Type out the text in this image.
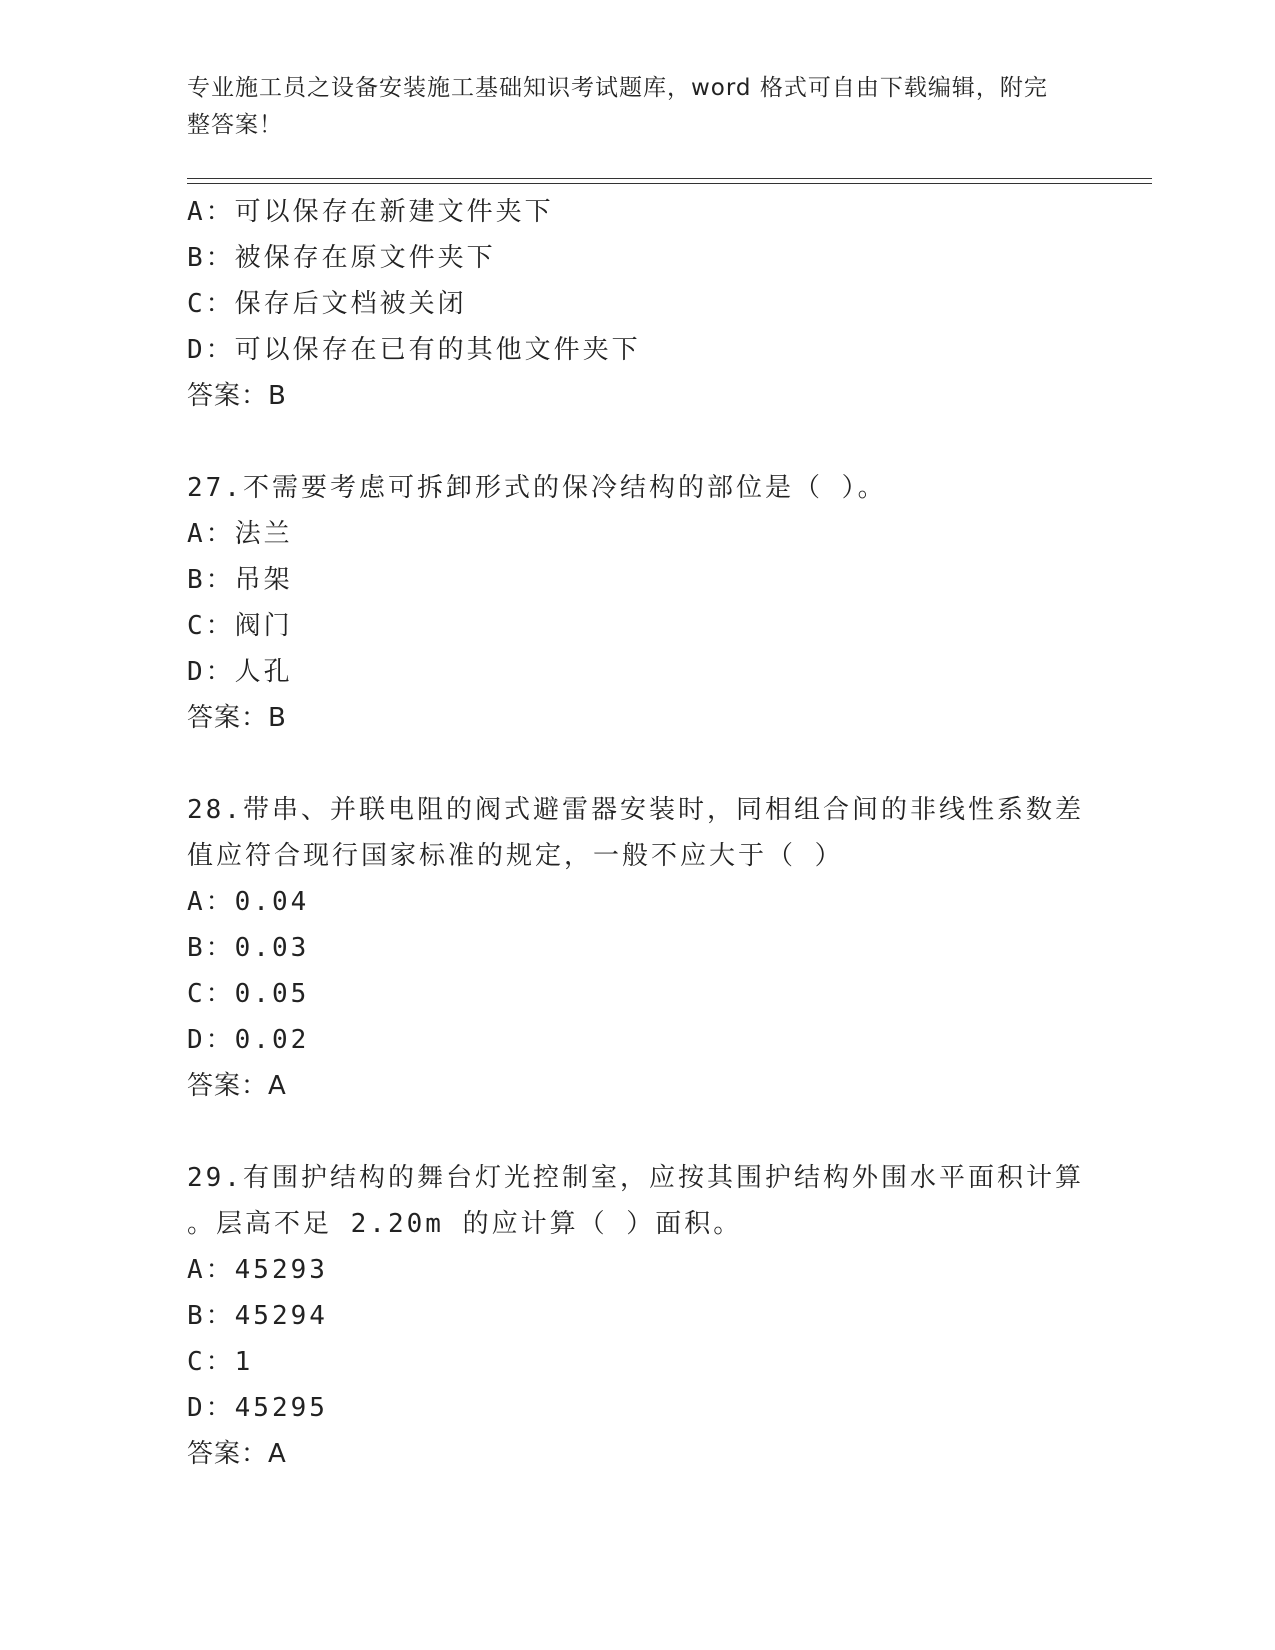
专业施工员之设备安装施工基础知识考试题库，word 格式可自由下载编辑，附完
整答案！
A：可以保存在新建文件夹下
B：被保存在原文件夹下
C：保存后文档被关闭
D：可以保存在已有的其他文件夹下
答案：B
27.不需要考虑可拆卸形式的保冷结构的部位是（ ）。
A：法兰
B：吊架
C：阀门
D：人孔
答案：B
28.带串、并联电阻的阀式避雷器安装时，同相组合间的非线性系数差
值应符合现行国家标准的规定，一般不应大于（ ）
A：0.04
B：0.03
C：0.05
D：0.02
答案：A
29.有围护结构的舞台灯光控制室，应按其围护结构外围水平面积计算
。层高不足 2.20m 的应计算（ ）面积。
A：45293
B：45294
C：1
D：45295
答案：A
